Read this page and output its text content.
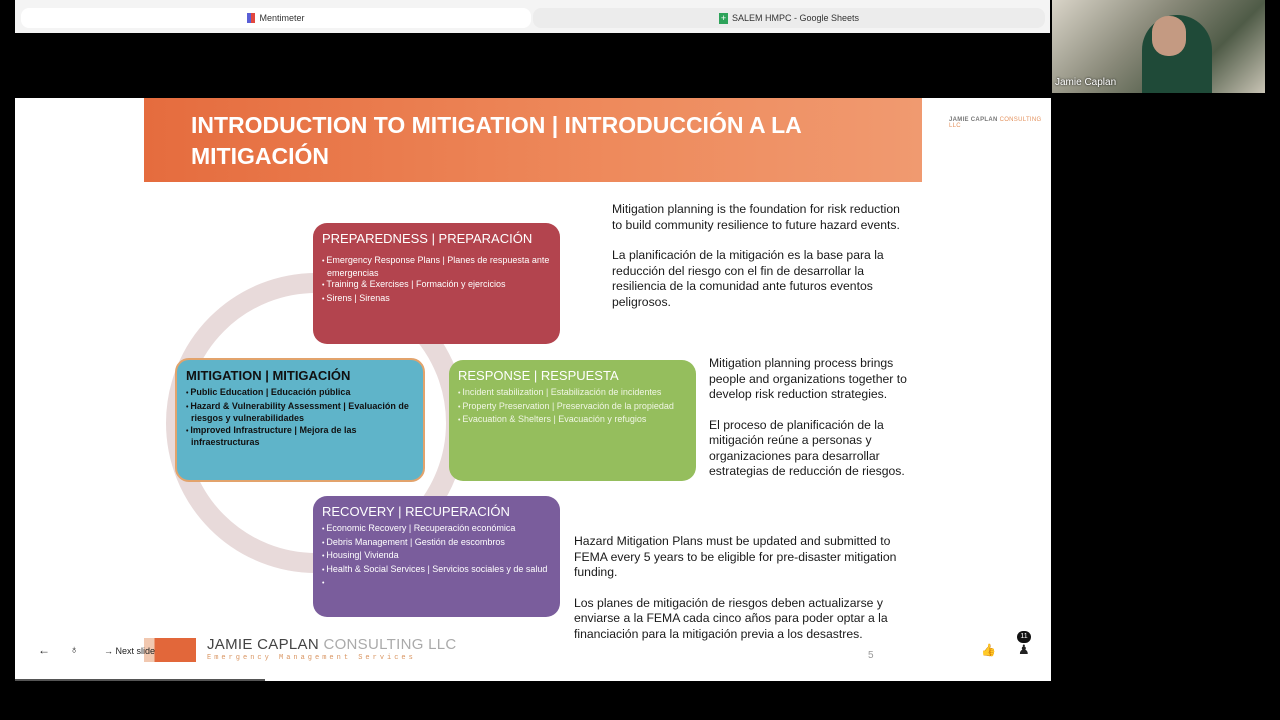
Mentimeter	+ SALEM HMPC - Google Sheets
Jamie Caplan
INTRODUCTION TO MITIGATION | INTRODUCCIÓN A LA MITIGACIÓN
JAMIE CAPLAN CONSULTING LLC
PREPAREDNESS | PREPARACIÓN
• Emergency Response Plans | Planes de respuesta ante emergencias
• Training & Exercises | Formación y ejercicios
• Sirens | Sirenas
MITIGATION | MITIGACIÓN
• Public Education | Educación pública
• Hazard & Vulnerability Assessment | Evaluación de riesgos y vulnerabilidades
• Improved Infrastructure | Mejora de las infraestructuras
RESPONSE | RESPUESTA
• Incident stabilization | Estabilización de incidentes
• Property Preservation | Preservación de la propiedad
• Evacuation & Shelters | Evacuación y refugios
RECOVERY | RECUPERACIÓN
• Economic Recovery | Recuperación económica
• Debris Management | Gestión de escombros
• Housing| Vivienda
• Health & Social Services | Servicios sociales y de salud
•

Mitigation planning is the foundation for risk reduction to build community resilience to future hazard events.

La planificación de la mitigación es la base para la reducción del riesgo con el fin de desarrollar la resiliencia de la comunidad ante futuros eventos peligrosos.

Mitigation planning process brings people and organizations together to develop risk reduction strategies.

El proceso de planificación de la mitigación reúne a personas y organizaciones para desarrollar estrategias de reducción de riesgos.

Hazard Mitigation Plans must be updated and submitted to FEMA every 5 years to be eligible for pre-disaster mitigation funding.

Los planes de mitigación de riesgos deben actualizarse y enviarse a la FEMA cada cinco años para poder optar a la financiación para la mitigación previa a los desastres.

JAMIE CAPLAN CONSULTING LLC
Emergency Management Services	5
← ♁	→ Next slide	👍
11
♟
